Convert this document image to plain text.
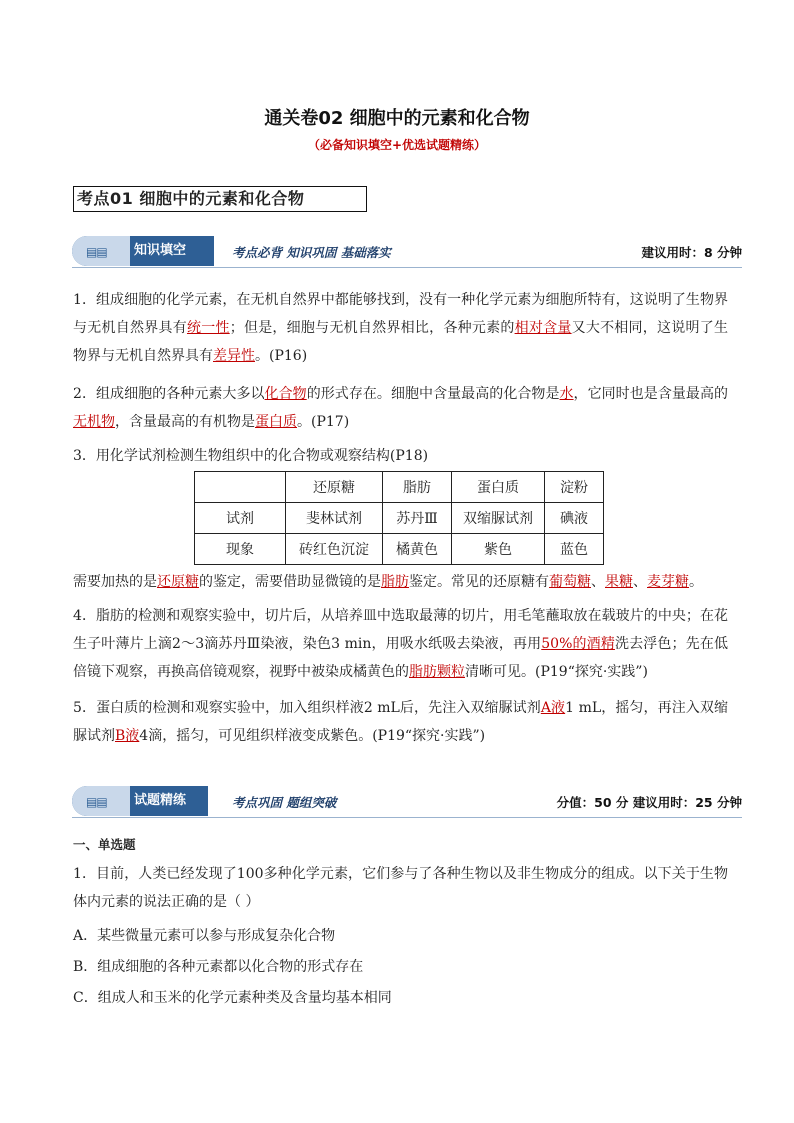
通关卷02 细胞中的元素和化合物
（必备知识填空+优选试题精练）
考点01 细胞中的元素和化合物
▤▤ 知识填空	考点必背 知识巩固 基础落实	建议用时：8 分钟
1．组成细胞的化学元素，在无机自然界中都能够找到，没有一种化学元素为细胞所特有，这说明了生物界与无机自然界具有统一性；但是，细胞与无机自然界相比，各种元素的相对含量又大不相同，这说明了生物界与无机自然界具有差异性。(P16)
2．组成细胞的各种元素大多以化合物的形式存在。细胞中含量最高的化合物是水，它同时也是含量最高的无机物，含量最高的有机物是蛋白质。(P17)
3．用化学试剂检测生物组织中的化合物或观察结构(P18)
	还原糖	脂肪	蛋白质	淀粉
试剂	斐林试剂	苏丹Ⅲ	双缩脲试剂	碘液
现象	砖红色沉淀	橘黄色	紫色	蓝色
需要加热的是还原糖的鉴定，需要借助显微镜的是脂肪鉴定。常见的还原糖有葡萄糖、果糖、麦芽糖。
4．脂肪的检测和观察实验中，切片后，从培养皿中选取最薄的切片，用毛笔蘸取放在载玻片的中央；在花生子叶薄片上滴2～3滴苏丹Ⅲ染液，染色3 min，用吸水纸吸去染液，再用50%的酒精洗去浮色；先在低倍镜下观察，再换高倍镜观察，视野中被染成橘黄色的脂肪颗粒清晰可见。(P19“探究·实践”)
5．蛋白质的检测和观察实验中，加入组织样液2 mL后，先注入双缩脲试剂A液1 mL，摇匀，再注入双缩脲试剂B液4滴，摇匀，可见组织样液变成紫色。(P19“探究·实践”)
▤▤ 试题精练	考点巩固 题组突破	分值：50 分 建议用时：25 分钟
一、单选题
1．目前，人类已经发现了100多种化学元素，它们参与了各种生物以及非生物成分的组成。以下关于生物体内元素的说法正确的是（ ）
A．某些微量元素可以参与形成复杂化合物
B．组成细胞的各种元素都以化合物的形式存在
C．组成人和玉米的化学元素种类及含量均基本相同
